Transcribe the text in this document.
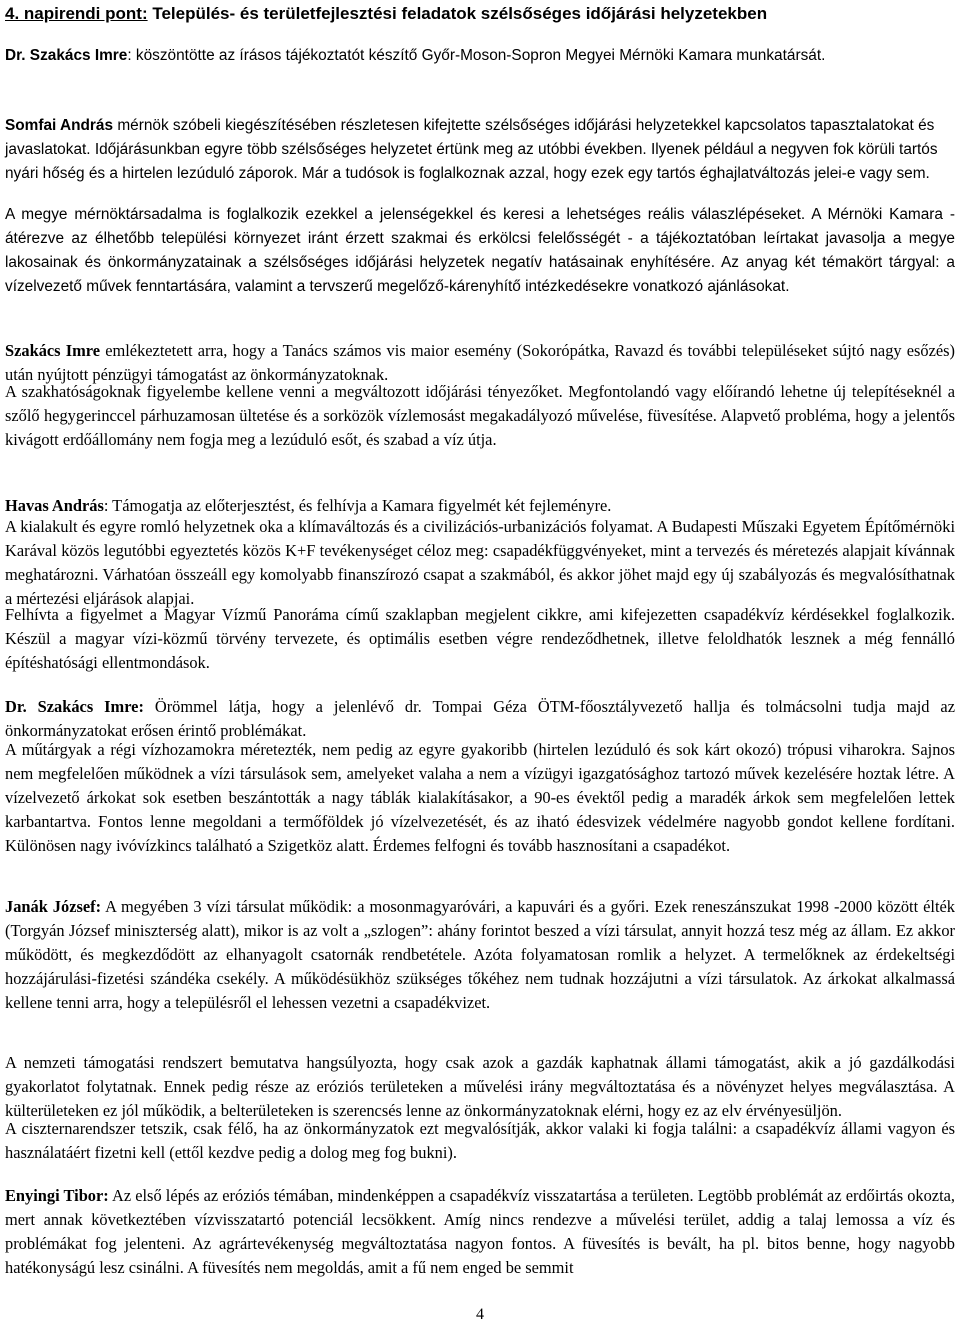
4. napirendi pont: Település- és területfejlesztési feladatok szélsőséges időjárási helyzetekben

Dr. Szakács Imre: köszöntötte az írásos tájékoztatót készítő Győr-Moson-Sopron Megyei Mérnöki Kamara munkatársát.

Somfai András mérnök szóbeli kiegészítésében részletesen kifejtette szélsőséges időjárási helyzetekkel kapcsolatos tapasztalatokat és javaslatokat. Időjárásunkban egyre több szélsőséges helyzetet értünk meg az utóbbi években. Ilyenek például a negyven fok körüli tartós nyári hőség és a hirtelen lezúduló záporok. Már a tudósok is foglalkoznak azzal, hogy ezek egy tartós éghajlatváltozás jelei-e vagy sem.

A megye mérnöktársadalma is foglalkozik ezekkel a jelenségekkel és keresi a lehetséges reális válaszlépéseket. A Mérnöki Kamara - átérezve az élhetőbb települési környezet iránt érzett szakmai és erkölcsi felelősségét - a tájékoztatóban leírtakat javasolja a megye lakosainak és önkormányzatainak a szélsőséges időjárási helyzetek negatív hatásainak enyhítésére. Az anyag két témakört tárgyal: a vízelvezető művek fenntartására, valamint a tervszerű megelőző-kárenyhítő intézkedésekre vonatkozó ajánlásokat.

Szakács Imre emlékeztetett arra, hogy a Tanács számos vis maior esemény (Sokorópátka, Ravazd és további településeket sújtó nagy esőzés) után nyújtott pénzügyi támogatást az önkormányzatoknak.

A szakhatóságoknak figyelembe kellene venni a megváltozott időjárási tényezőket. Megfontolandó vagy előírandó lehetne új telepítéseknél a szőlő hegygerinccel párhuzamosan ültetése és a sorközök vízlemosást megakadályozó művelése, füvesítése. Alapvető probléma, hogy a jelentős kivágott erdőállomány nem fogja meg a lezúduló esőt, és szabad a víz útja.

Havas András: Támogatja az előterjesztést, és felhívja a Kamara figyelmét két fejleményre.

A kialakult és egyre romló helyzetnek oka a klímaváltozás és a civilizációs-urbanizációs folyamat. A Budapesti Műszaki Egyetem Építőmérnöki Karával közös legutóbbi egyeztetés közös K+F tevékenységet céloz meg: csapadékfüggvényeket, mint a tervezés és méretezés alapjait kívánnak meghatározni. Várhatóan összeáll egy komolyabb finanszírozó csapat a szakmából, és akkor jöhet majd egy új szabályozás és megvalósíthatnak a mértezési eljárások alapjai.

Felhívta a figyelmet a Magyar Vízmű Panoráma című szaklapban megjelent cikkre, ami kifejezetten csapadékvíz kérdésekkel foglalkozik. Készül a magyar vízi-közmű törvény tervezete, és optimális esetben végre rendeződhetnek, illetve feloldhatók lesznek a még fennálló építéshatósági ellentmondások.

Dr. Szakács Imre: Örömmel látja, hogy a jelenlévő dr. Tompai Géza ÖTM-főosztályvezető hallja és tolmácsolni tudja majd az önkormányzatokat erősen érintő problémákat.

A műtárgyak a régi vízhozamokra méretezték, nem pedig az egyre gyakoribb (hirtelen lezúduló és sok kárt okozó) trópusi viharokra. Sajnos nem megfelelően működnek a vízi társulások sem, amelyeket valaha a nem a vízügyi igazgatósághoz tartozó művek kezelésére hoztak létre. A vízelvezető árkokat sok esetben beszántották a nagy táblák kialakításakor, a 90-es évektől pedig a maradék árkok sem megfelelően lettek karbantartva. Fontos lenne megoldani a termőföldek jó vízelvezetését, és az iható édesvizek védelmére nagyobb gondot kellene fordítani. Különösen nagy ivóvízkincs található a Szigetköz alatt. Érdemes felfogni és tovább hasznosítani a csapadékot.

Janák József: A megyében 3 vízi társulat működik: a mosonmagyaróvári, a kapuvári és a győri. Ezek reneszánszukat 1998 -2000 között élték (Torgyán József miniszterség alatt), mikor is az volt a „szlogen”: ahány forintot beszed a vízi társulat, annyit hozzá tesz még az állam. Ez akkor működött, és megkezdődött az elhanyagolt csatornák rendbetétele. Azóta folyamatosan romlik a helyzet. A termelőknek az érdekeltségi hozzájárulási-fizetési szándéka csekély. A működésükhöz szükséges tőkéhez nem tudnak hozzájutni a vízi társulatok. Az árkokat alkalmassá kellene tenni arra, hogy a településről el lehessen vezetni a csapadékvizet.

A nemzeti támogatási rendszert bemutatva hangsúlyozta, hogy csak azok a gazdák kaphatnak állami támogatást, akik a jó gazdálkodási gyakorlatot folytatnak. Ennek pedig része az eróziós területeken a művelési irány megváltoztatása és a növényzet helyes megválasztása. A külterületeken ez jól működik, a belterületeken is szerencsés lenne az önkormányzatoknak elérni, hogy ez az elv érvényesüljön.

A ciszternarendszer tetszik, csak félő, ha az önkormányzatok ezt megvalósítják, akkor valaki ki fogja találni: a csapadékvíz állami vagyon és használatáért fizetni kell (ettől kezdve pedig a dolog meg fog bukni).

Enyingi Tibor: Az első lépés az eróziós témában, mindenképpen a csapadékvíz visszatartása a területen. Legtöbb problémát az erdőirtás okozta, mert annak következtében vízvisszatartó potenciál lecsökkent. Amíg nincs rendezve a művelési terület, addig a talaj lemossa a víz és problémákat fog jelenteni. Az agrártevékenység megváltoztatása nagyon fontos. A füvesítés is bevált, ha pl. bitos benne, hogy nagyobb hatékonyságú lesz csinálni. A füvesítés nem megoldás, amit a fű nem enged be semmit

4
